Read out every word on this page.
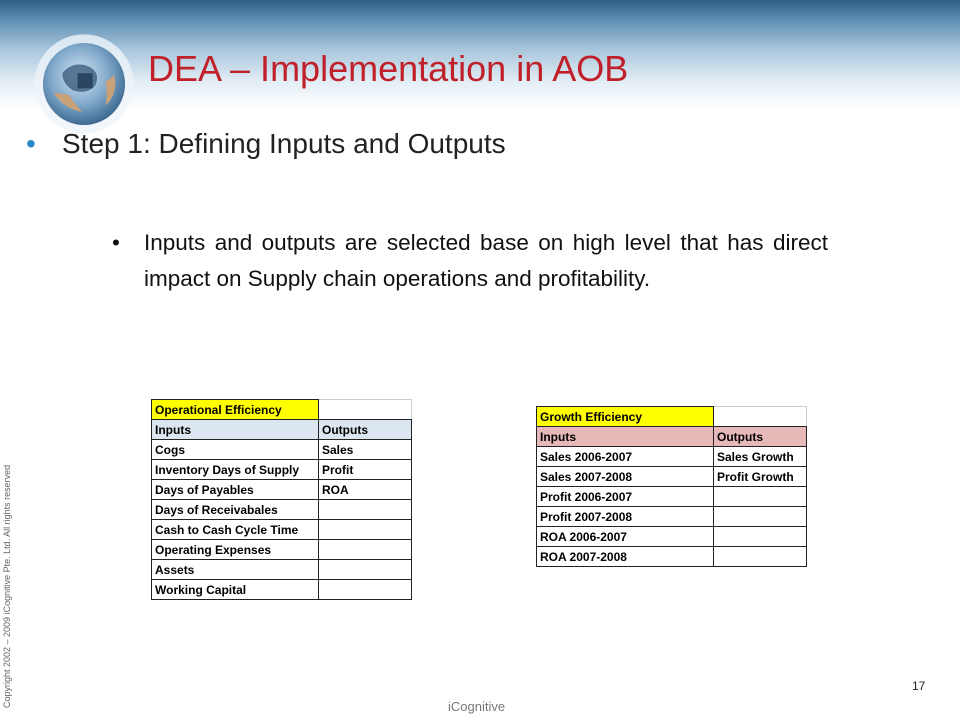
DEA – Implementation in AOB
• Step 1: Defining Inputs and Outputs
• Inputs and outputs are selected base on high level that has direct impact on Supply chain operations and profitability.
Operational Efficiency	
Inputs	Outputs
Cogs	Sales
Inventory Days of Supply	Profit
Days of Payables	ROA
Days of Receivabales	
Cash to Cash Cycle Time	
Operating Expenses	
Assets	
Working Capital	
Growth Efficiency	
Inputs	Outputs
Sales 2006-2007	Sales Growth
Sales 2007-2008	Profit Growth
Profit 2006-2007	
Profit 2007-2008	
ROA 2006-2007	
ROA 2007-2008	
Copyright 2002 – 2009 iCognitive Pte. Ltd. All rights reserved	17
iCognitive
